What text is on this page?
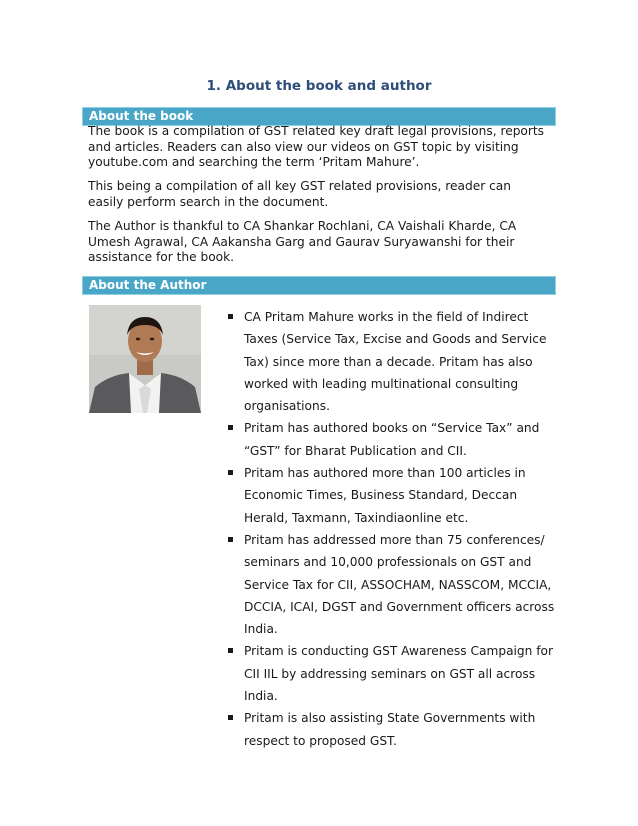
1. About the book and author
About the book

The book is a compilation of GST related key draft legal provisions, reports and articles. Readers can also view our videos on GST topic by visiting youtube.com and searching the term ‘Pritam Mahure’.

This being a compilation of all key GST related provisions, reader can easily perform search in the document.

The Author is thankful to CA Shankar Rochlani, CA Vaishali Kharde, CA Umesh Agrawal, CA Aakansha Garg and Gaurav Suryawanshi for their assistance for the book.

About the Author
CA Pritam Mahure works in the field of Indirect Taxes (Service Tax, Excise and Goods and Service Tax) since more than a decade. Pritam has also worked with leading multinational consulting organisations.
Pritam has authored books on “Service Tax” and “GST” for Bharat Publication and CII.
Pritam has authored more than 100 articles in Economic Times, Business Standard, Deccan Herald, Taxmann, Taxindiaonline etc.
Pritam has addressed more than 75 conferences/ seminars and 10,000 professionals on GST and Service Tax for CII, ASSOCHAM, NASSCOM, MCCIA, DCCIA, ICAI, DGST and Government officers across India.
Pritam is conducting GST Awareness Campaign for CII IIL by addressing seminars on GST all across India.
Pritam is also assisting State Governments with respect to proposed GST.
